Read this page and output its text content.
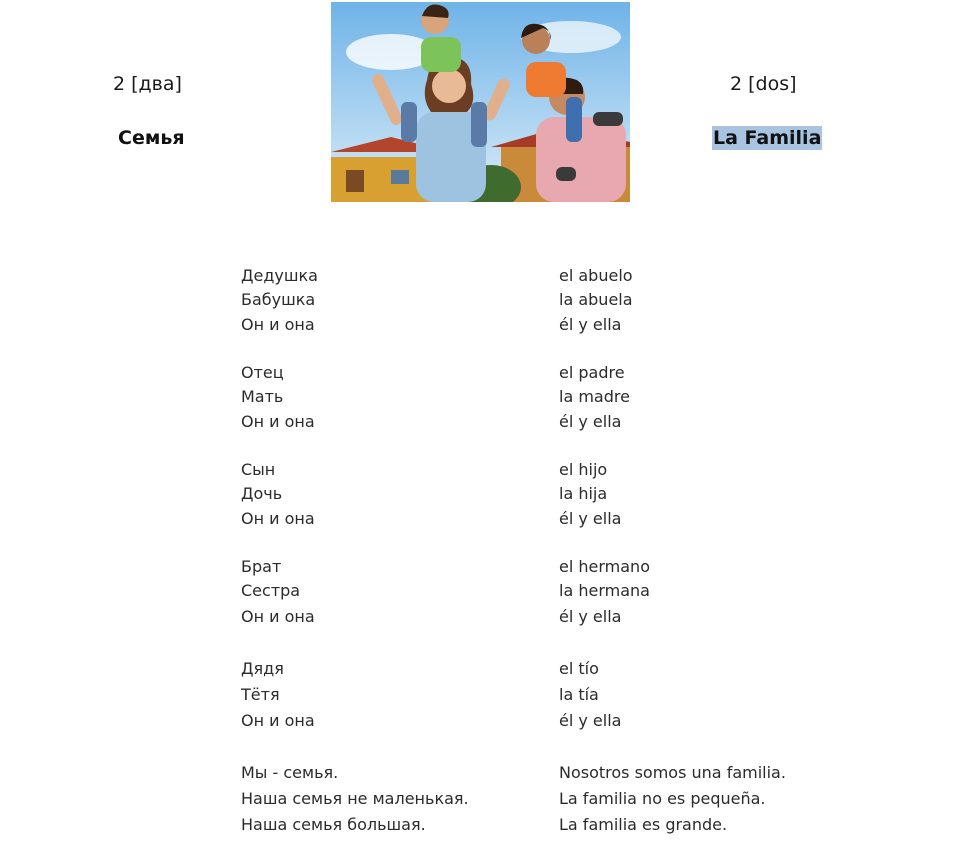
2 [два]	2 [dos]
Семья	La Familia
Дедушка	el abuelo
Бабушка	la abuela
Он и она	él y ella
Отец	el padre
Мать	la madre
Он и она	él y ella
Сын	el hijo
Дочь	la hija
Он и она	él y ella
Брат	el hermano
Сестра	la hermana
Он и она	él y ella
Дядя	el tío
Тётя	la tía
Он и она	él y ella
Мы - семья.	Nosotros somos una familia.
Наша семья не маленькая.	La familia no es pequeña.
Наша семья большая.	La familia es grande.
